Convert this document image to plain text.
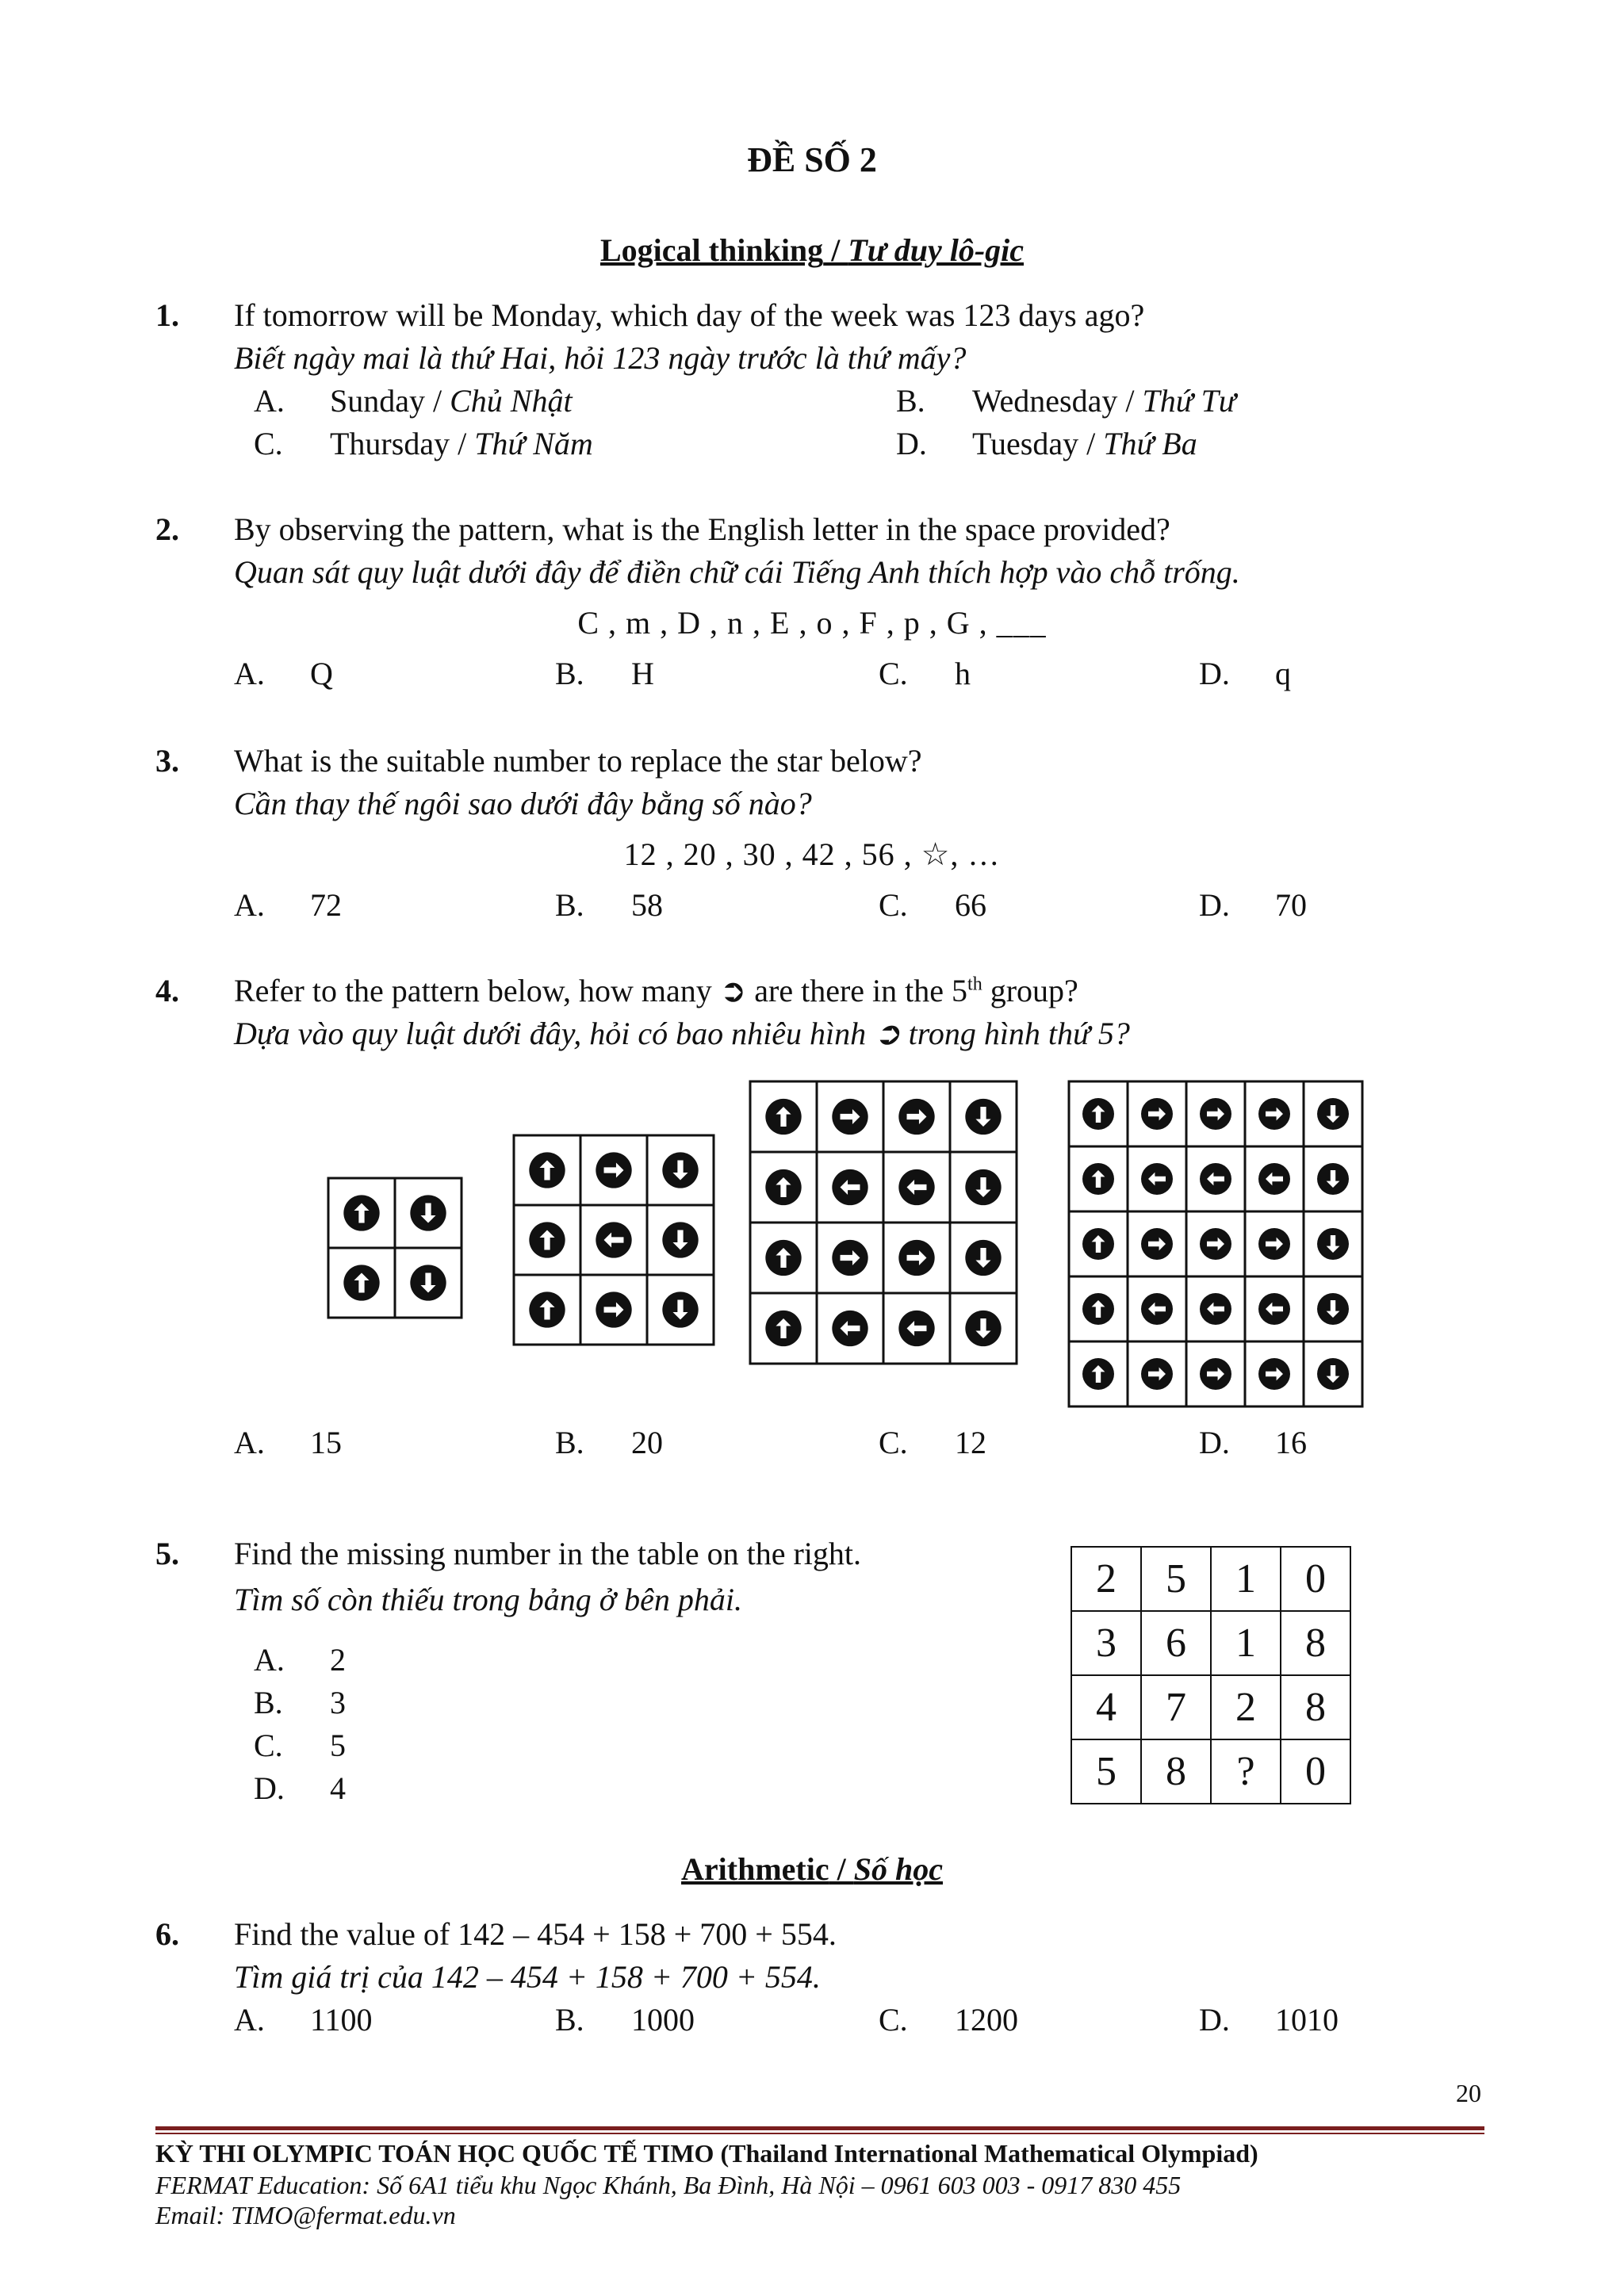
ĐỀ SỐ 2
Logical thinking / Tư duy lô-gic
1. If tomorrow will be Monday, which day of the week was 123 days ago?
Biết ngày mai là thứ Hai, hỏi 123 ngày trước là thứ mấy?
A. Sunday / Chủ Nhật	B. Wednesday / Thứ Tư
C. Thursday / Thứ Năm	D. Tuesday / Thứ Ba
2. By observing the pattern, what is the English letter in the space provided?
Quan sát quy luật dưới đây để điền chữ cái Tiếng Anh thích hợp vào chỗ trống.
C , m , D , n , E , o , F , p , G , ___
A. Q	B. H	C. h	D. q
3. What is the suitable number to replace the star below?
Cần thay thế ngôi sao dưới đây bằng số nào?
12 , 20 , 30 , 42 , 56 , ☆, …
A. 72	B. 58	C. 66	D. 70
4. Refer to the pattern below, how many ➲ are there in the 5th group?
Dựa vào quy luật dưới đây, hỏi có bao nhiêu hình ➲ trong hình thứ 5?
A. 15	B. 20	C. 12	D. 16
5. Find the missing number in the table on the right.
Tìm số còn thiếu trong bảng ở bên phải.
A. 2
B. 3
C. 5
D. 4
2	5	1	0
3	6	1	8
4	7	2	8
5	8	?	0
Arithmetic / Số học
6. Find the value of 142 – 454 + 158 + 700 + 554.
Tìm giá trị của 142 – 454 + 158 + 700 + 554.
A. 1100	B. 1000	C. 1200	D. 1010
20
KỲ THI OLYMPIC TOÁN HỌC QUỐC TẾ TIMO (Thailand International Mathematical Olympiad)
FERMAT Education: Số 6A1 tiểu khu Ngọc Khánh, Ba Đình, Hà Nội – 0961 603 003 - 0917 830 455
Email: TIMO@fermat.edu.vn
